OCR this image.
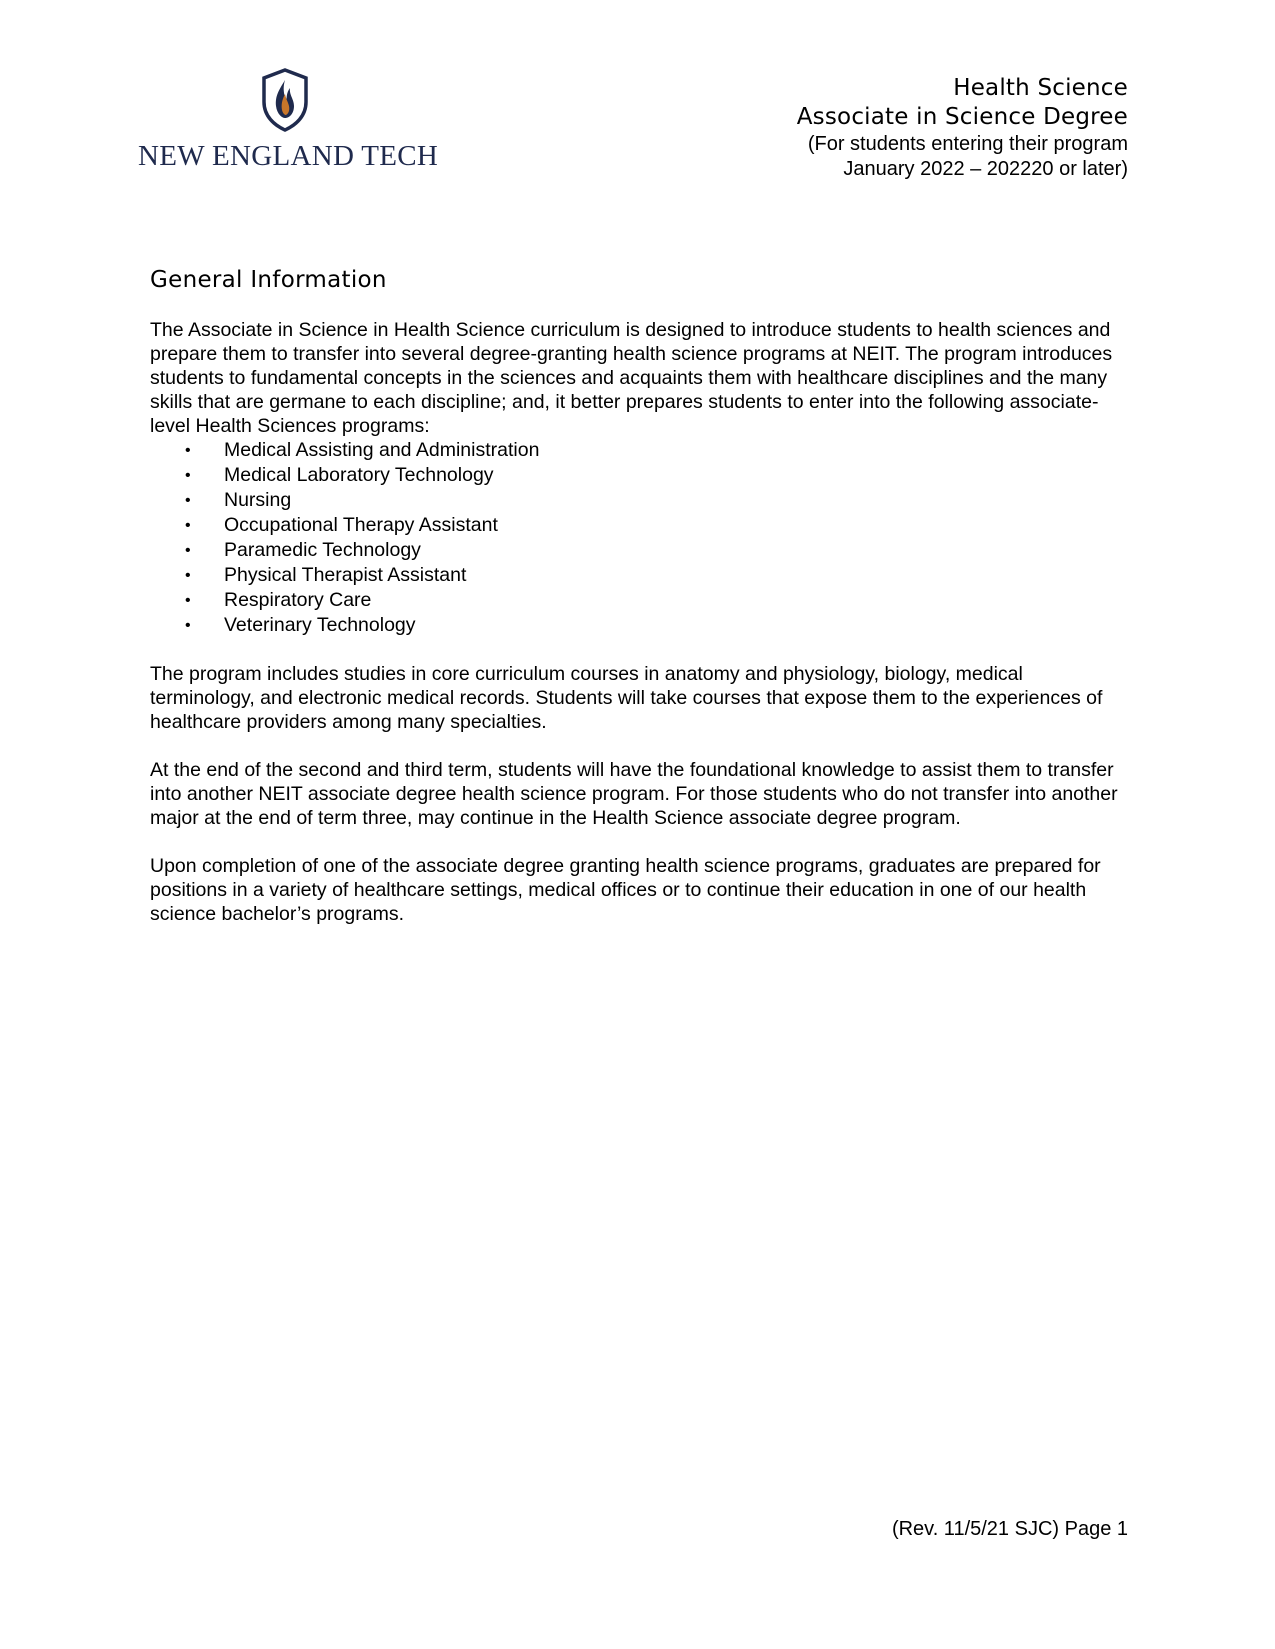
NEW ENGLAND TECH
Health Science
Associate in Science Degree
(For students entering their program
January 2022 – 202220 or later)
General Information

The Associate in Science in Health Science curriculum is designed to introduce students to health sciences and prepare them to transfer into several degree-granting health science programs at NEIT. The program introduces students to fundamental concepts in the sciences and acquaints them with healthcare disciplines and the many skills that are germane to each discipline; and, it better prepares students to enter into the following associate-level Health Sciences programs:

• Medical Assisting and Administration
• Medical Laboratory Technology
• Nursing
• Occupational Therapy Assistant
• Paramedic Technology
• Physical Therapist Assistant
• Respiratory Care
• Veterinary Technology

The program includes studies in core curriculum courses in anatomy and physiology, biology, medical terminology, and electronic medical records. Students will take courses that expose them to the experiences of healthcare providers among many specialties.

At the end of the second and third term, students will have the foundational knowledge to assist them to transfer into another NEIT associate degree health science program. For those students who do not transfer into another major at the end of term three, may continue in the Health Science associate degree program.

Upon completion of one of the associate degree granting health science programs, graduates are prepared for positions in a variety of healthcare settings, medical offices or to continue their education in one of our health science bachelor’s programs.

(Rev. 11/5/21 SJC) Page 1
